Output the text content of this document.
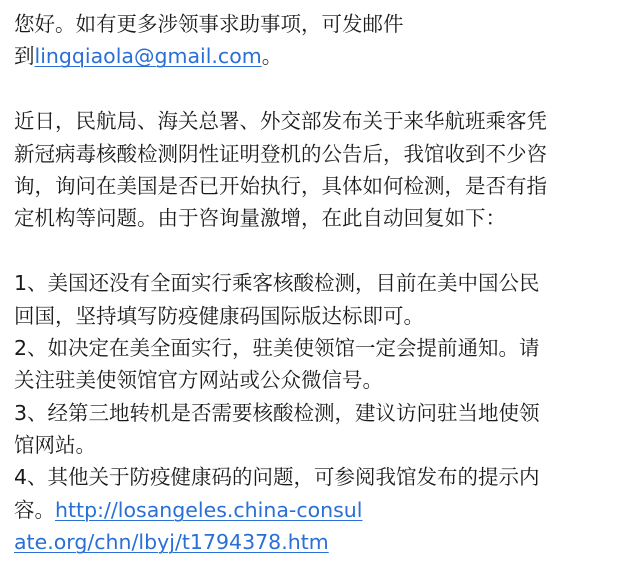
您好。如有更多涉领事求助事项，可发邮件
到lingqiaola@gmail.com。
近日，民航局、海关总署、外交部发布关于来华航班乘客凭
新冠病毒核酸检测阴性证明登机的公告后，我馆收到不少咨
询，询问在美国是否已开始执行，具体如何检测，是否有指
定机构等问题。由于咨询量激增，在此自动回复如下：
1、美国还没有全面实行乘客核酸检测，目前在美中国公民
回国，坚持填写防疫健康码国际版达标即可。
2、如决定在美全面实行，驻美使领馆一定会提前通知。请
关注驻美使领馆官方网站或公众微信号。
3、经第三地转机是否需要核酸检测，建议访问驻当地使领
馆网站。
4、其他关于防疫健康码的问题，可参阅我馆发布的提示内
容。http://losangeles.china-consul
ate.org/chn/lbyj/t1794378.htm
